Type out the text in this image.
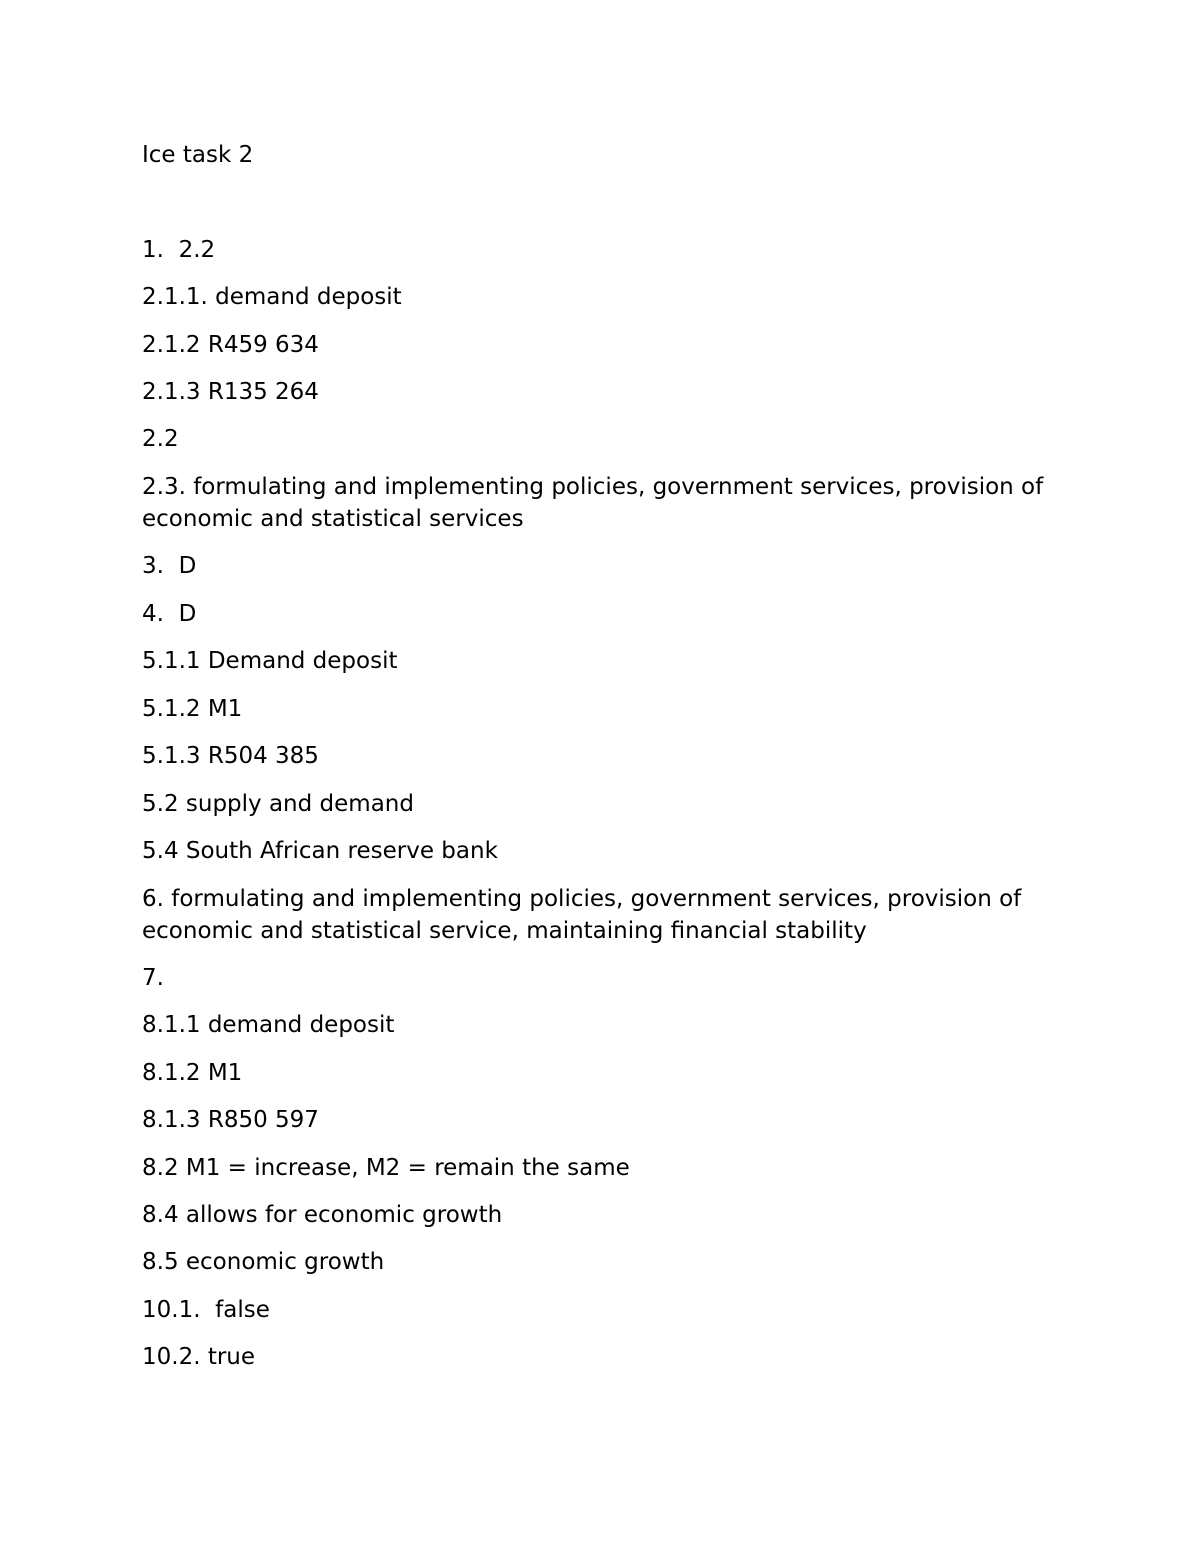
Ice task 2

1.  2.2

2.1.1. demand deposit

2.1.2 R459 634

2.1.3 R135 264

2.2

2.3. formulating and implementing policies, government services, provision of economic and statistical services

3.  D

4.  D

5.1.1 Demand deposit

5.1.2 M1

5.1.3 R504 385

5.2 supply and demand

5.4 South African reserve bank

6. formulating and implementing policies, government services, provision of economic and statistical service, maintaining financial stability

7.

8.1.1 demand deposit

8.1.2 M1

8.1.3 R850 597

8.2 M1 = increase, M2 = remain the same

8.4 allows for economic growth

8.5 economic growth

10.1.  false

10.2. true
